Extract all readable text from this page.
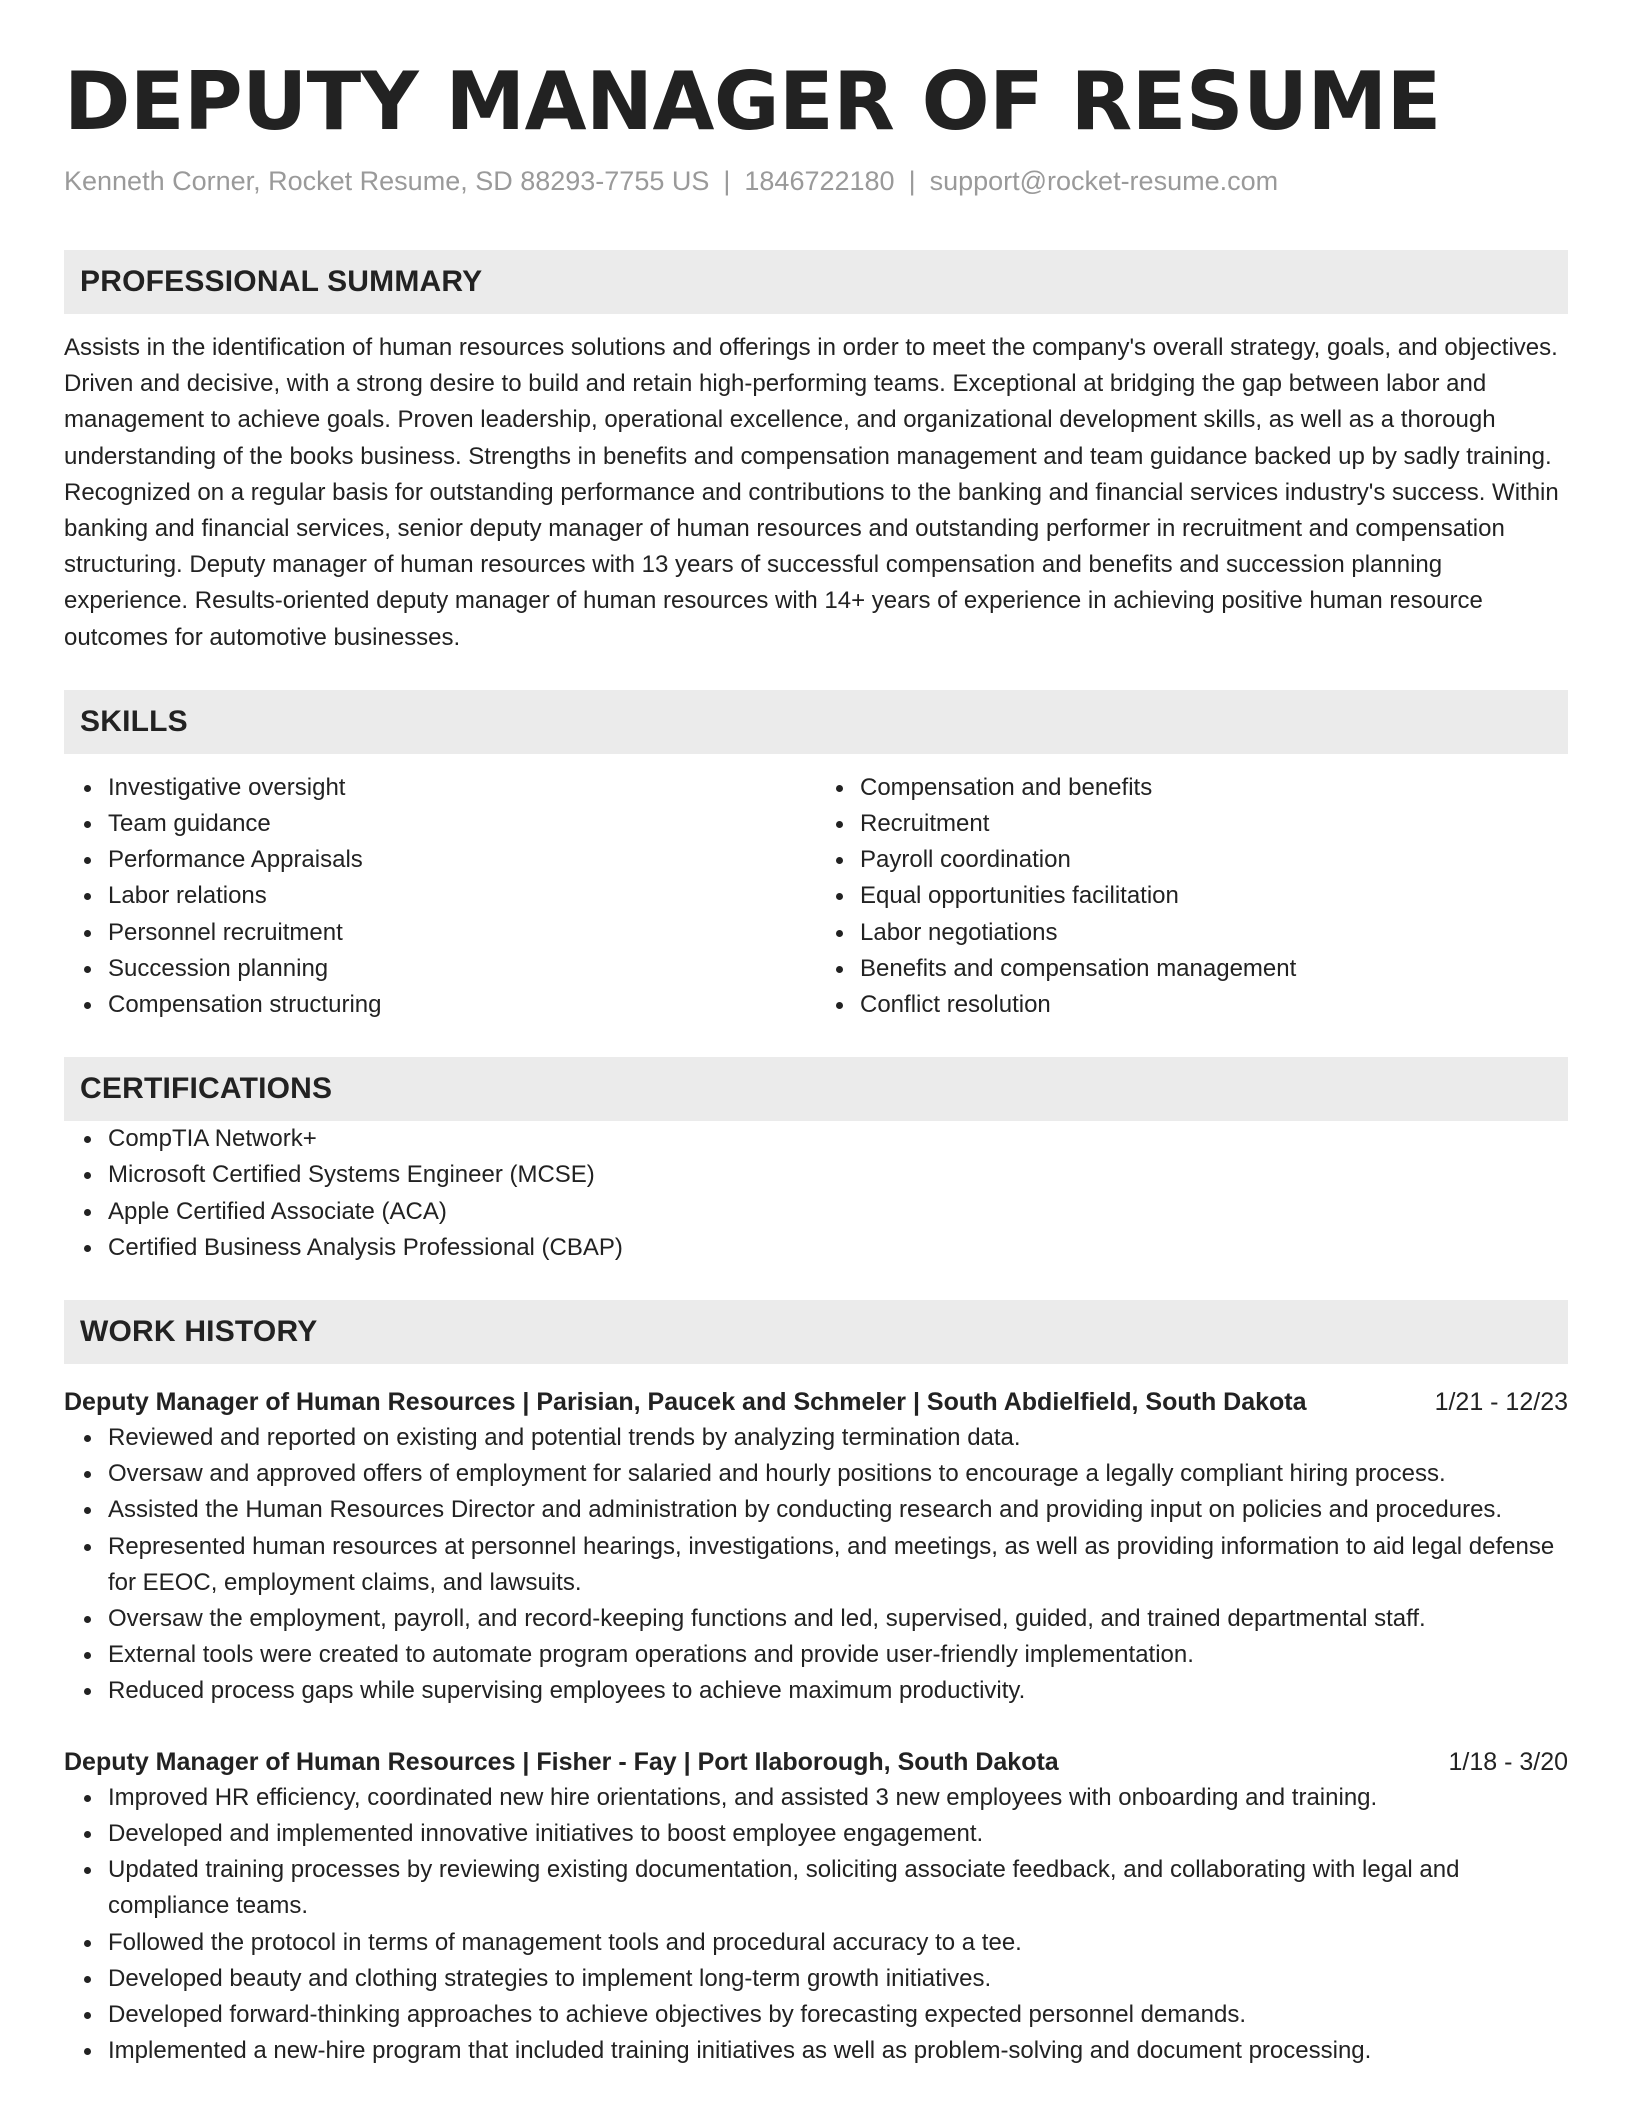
DEPUTY MANAGER OF RESUME
Kenneth Corner, Rocket Resume, SD 88293-7755 US | 1846722180 | support@rocket-resume.com
PROFESSIONAL SUMMARY

Assists in the identification of human resources solutions and offerings in order to meet the company's overall strategy, goals, and objectives. Driven and decisive, with a strong desire to build and retain high-performing teams. Exceptional at bridging the gap between labor and management to achieve goals. Proven leadership, operational excellence, and organizational development skills, as well as a thorough understanding of the books business. Strengths in benefits and compensation management and team guidance backed up by sadly training. Recognized on a regular basis for outstanding performance and contributions to the banking and financial services industry's success. Within banking and financial services, senior deputy manager of human resources and outstanding performer in recruitment and compensation structuring. Deputy manager of human resources with 13 years of successful compensation and benefits and succession planning experience. Results-oriented deputy manager of human resources with 14+ years of experience in achieving positive human resource outcomes for automotive businesses.

SKILLS
Investigative oversight
Team guidance
Performance Appraisals
Labor relations
Personnel recruitment
Succession planning
Compensation structuring
Compensation and benefits
Recruitment
Payroll coordination
Equal opportunities facilitation
Labor negotiations
Benefits and compensation management
Conflict resolution
CERTIFICATIONS
CompTIA Network+
Microsoft Certified Systems Engineer (MCSE)
Apple Certified Associate (ACA)
Certified Business Analysis Professional (CBAP)
WORK HISTORY
Deputy Manager of Human Resources | Parisian, Paucek and Schmeler | South Abdielfield, South Dakota	1/21 - 12/23
Reviewed and reported on existing and potential trends by analyzing termination data.
Oversaw and approved offers of employment for salaried and hourly positions to encourage a legally compliant hiring process.
Assisted the Human Resources Director and administration by conducting research and providing input on policies and procedures.
Represented human resources at personnel hearings, investigations, and meetings, as well as providing information to aid legal defense for EEOC, employment claims, and lawsuits.
Oversaw the employment, payroll, and record-keeping functions and led, supervised, guided, and trained departmental staff.
External tools were created to automate program operations and provide user-friendly implementation.
Reduced process gaps while supervising employees to achieve maximum productivity.
Deputy Manager of Human Resources | Fisher - Fay | Port Ilaborough, South Dakota	1/18 - 3/20
Improved HR efficiency, coordinated new hire orientations, and assisted 3 new employees with onboarding and training.
Developed and implemented innovative initiatives to boost employee engagement.
Updated training processes by reviewing existing documentation, soliciting associate feedback, and collaborating with legal and compliance teams.
Followed the protocol in terms of management tools and procedural accuracy to a tee.
Developed beauty and clothing strategies to implement long-term growth initiatives.
Developed forward-thinking approaches to achieve objectives by forecasting expected personnel demands.
Implemented a new-hire program that included training initiatives as well as problem-solving and document processing.
